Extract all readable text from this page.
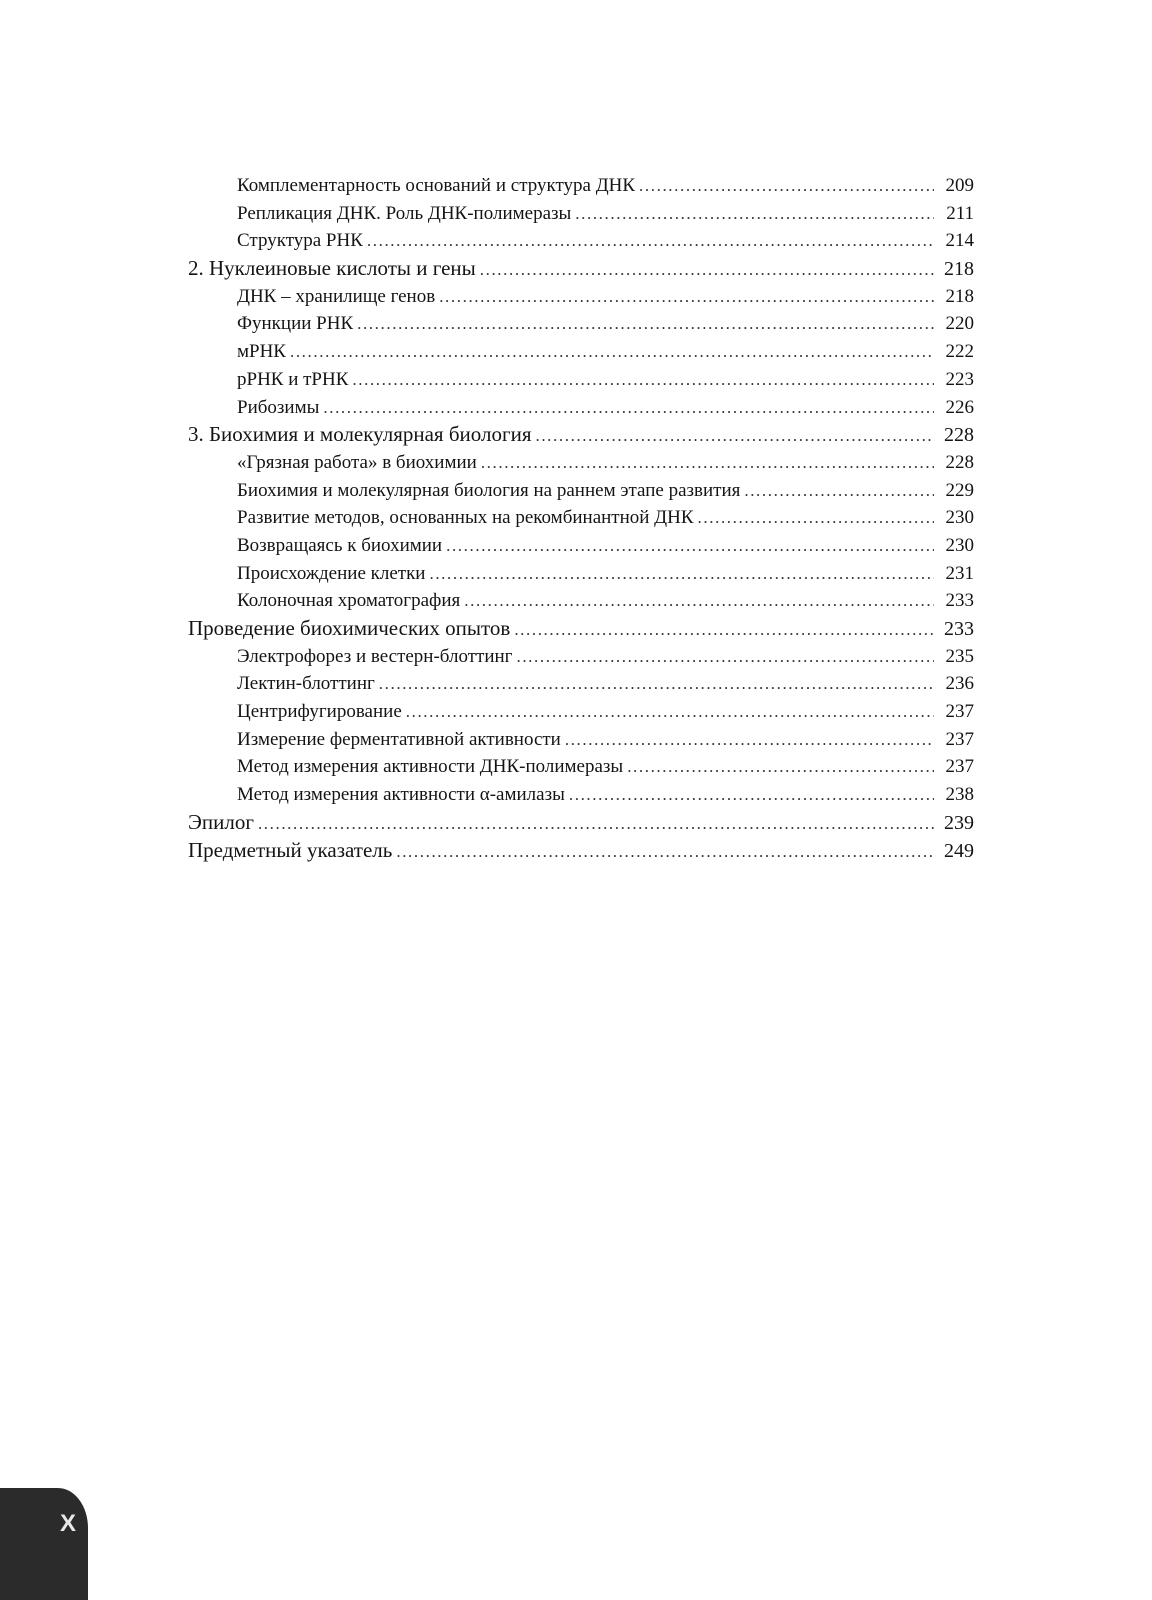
Комплементарность оснований и структура ДНК .....	209
Репликация ДНК. Роль ДНК-полимеразы .....	211
Структура РНК .....	214
2. Нуклеиновые кислоты и гены .....	218
ДНК – хранилище генов .....	218
Функции РНК .....	220
мРНК .....	222
рРНК и тРНК .....	223
Рибозимы .....	226
3. Биохимия и молекулярная биология .....	228
«Грязная работа» в биохимии .....	228
Биохимия и молекулярная биология на раннем этапе развития .....	229
Развитие методов, основанных на рекомбинантной ДНК .....	230
Возвращаясь к биохимии .....	230
Происхождение клетки .....	231
Колоночная хроматография .....	233
Проведение биохимических опытов .....	233
Электрофорез и вестерн-блоттинг .....	235
Лектин-блоттинг .....	236
Центрифугирование .....	237
Измерение ферментативной активности .....	237
Метод измерения активности ДНК-полимеразы .....	237
Метод измерения активности α-амилазы .....	238
Эпилог .....	239
Предметный указатель .....	249
X
